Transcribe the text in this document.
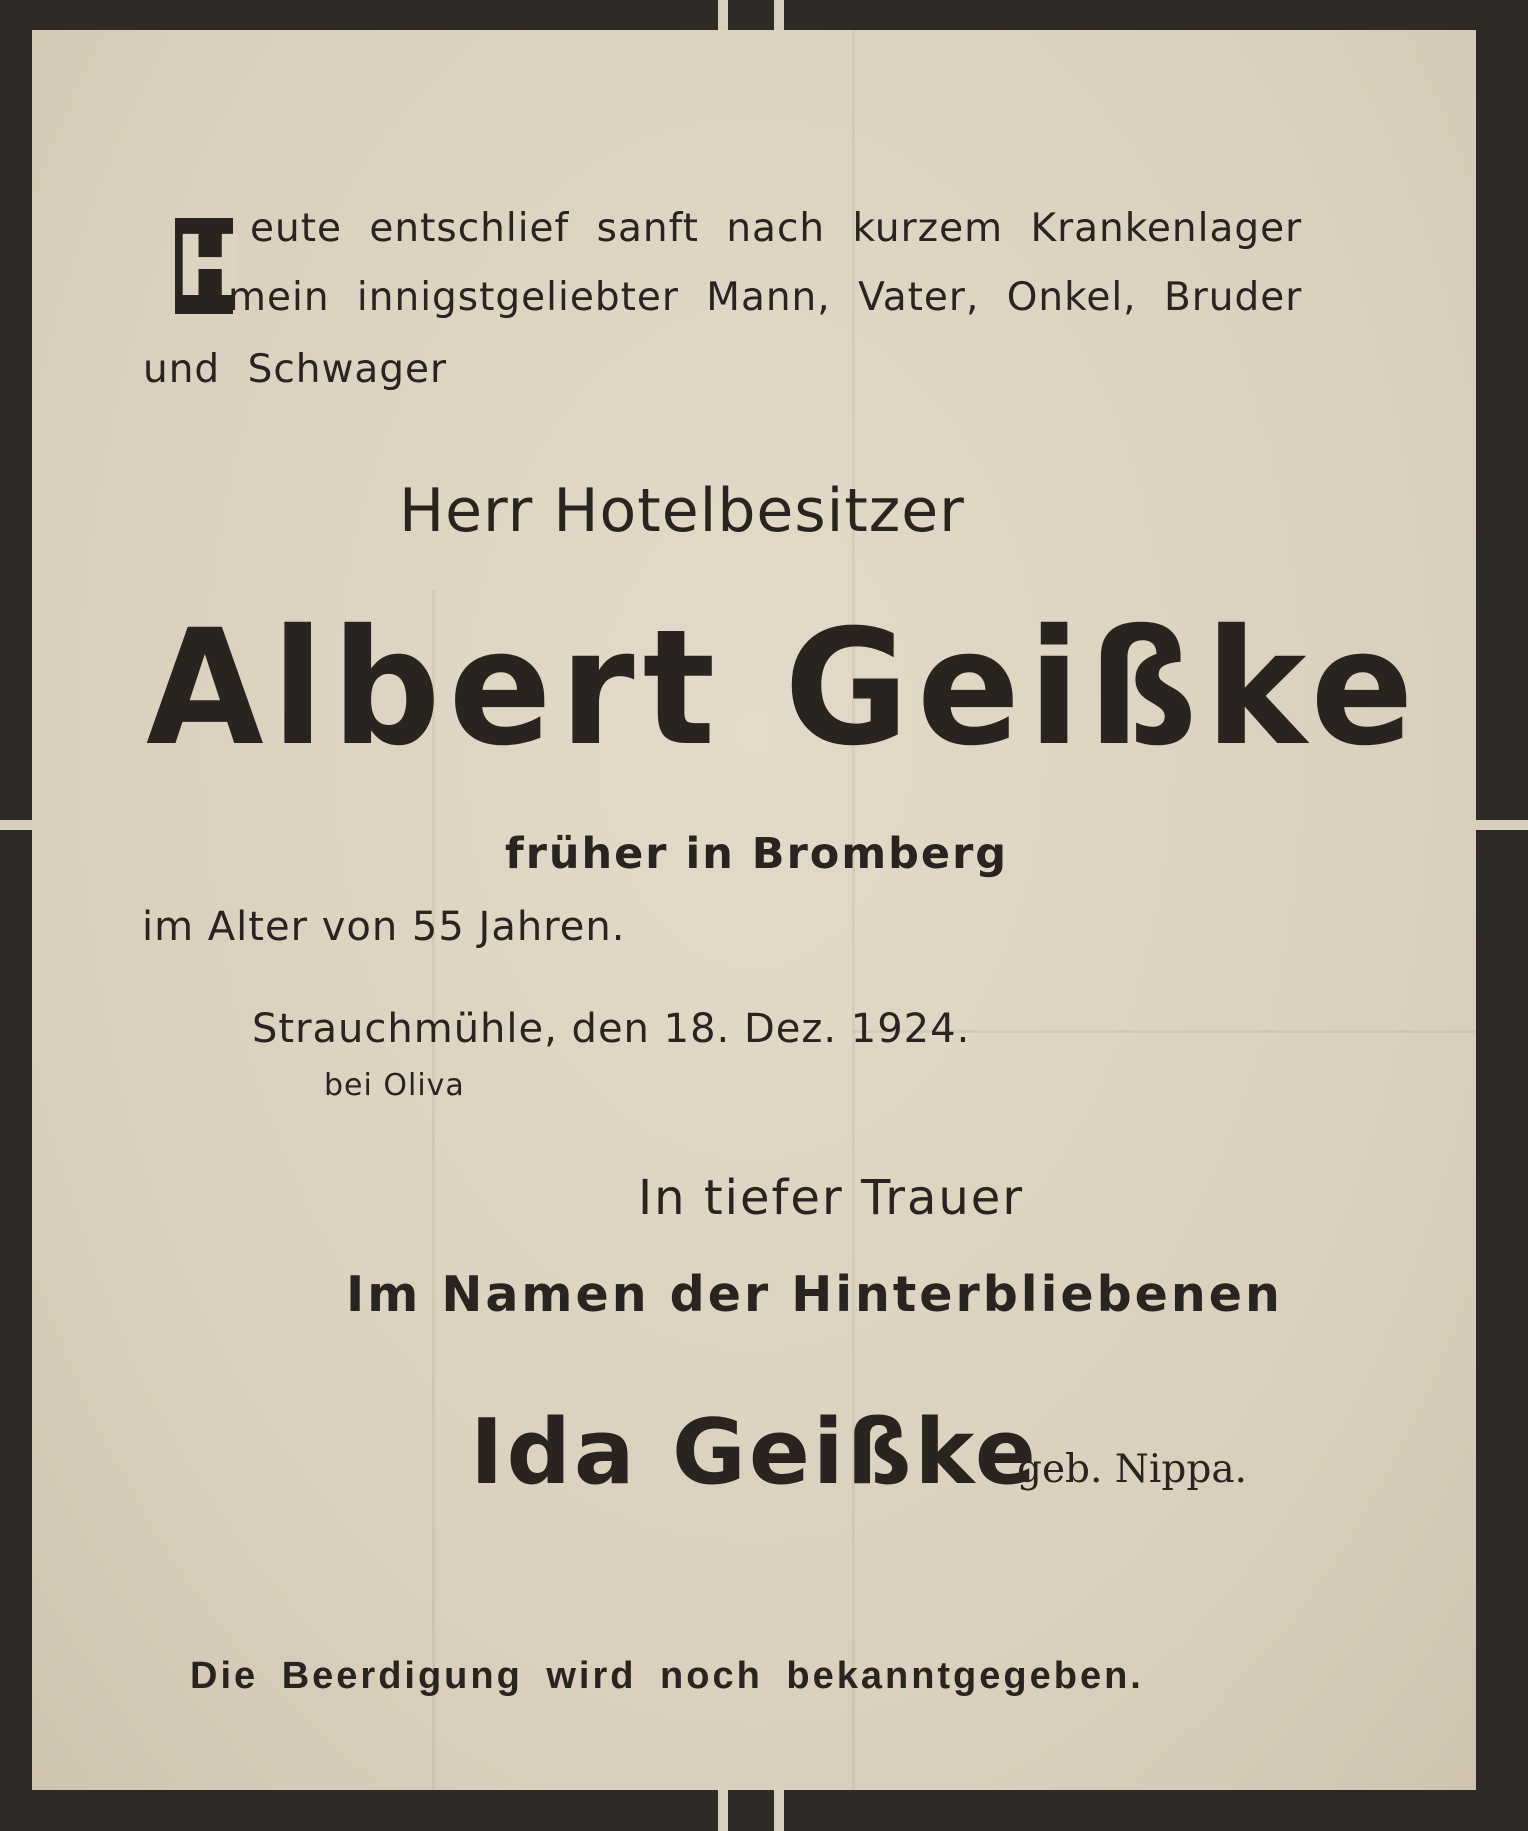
H eute entschlief sanft nach kurzem Krankenlager

mein innigstgeliebter Mann, Vater, Onkel, Bruder

und Schwager

Herr Hotelbesitzer

Albert Geißke

früher in Bromberg

im Alter von 55 Jahren.

Strauchmühle, den 18. Dez. 1924.

bei Oliva

In tiefer Trauer

Im Namen der Hinterbliebenen

Ida Geißke

geb. Nippa.

Die Beerdigung wird noch bekanntgegeben.
